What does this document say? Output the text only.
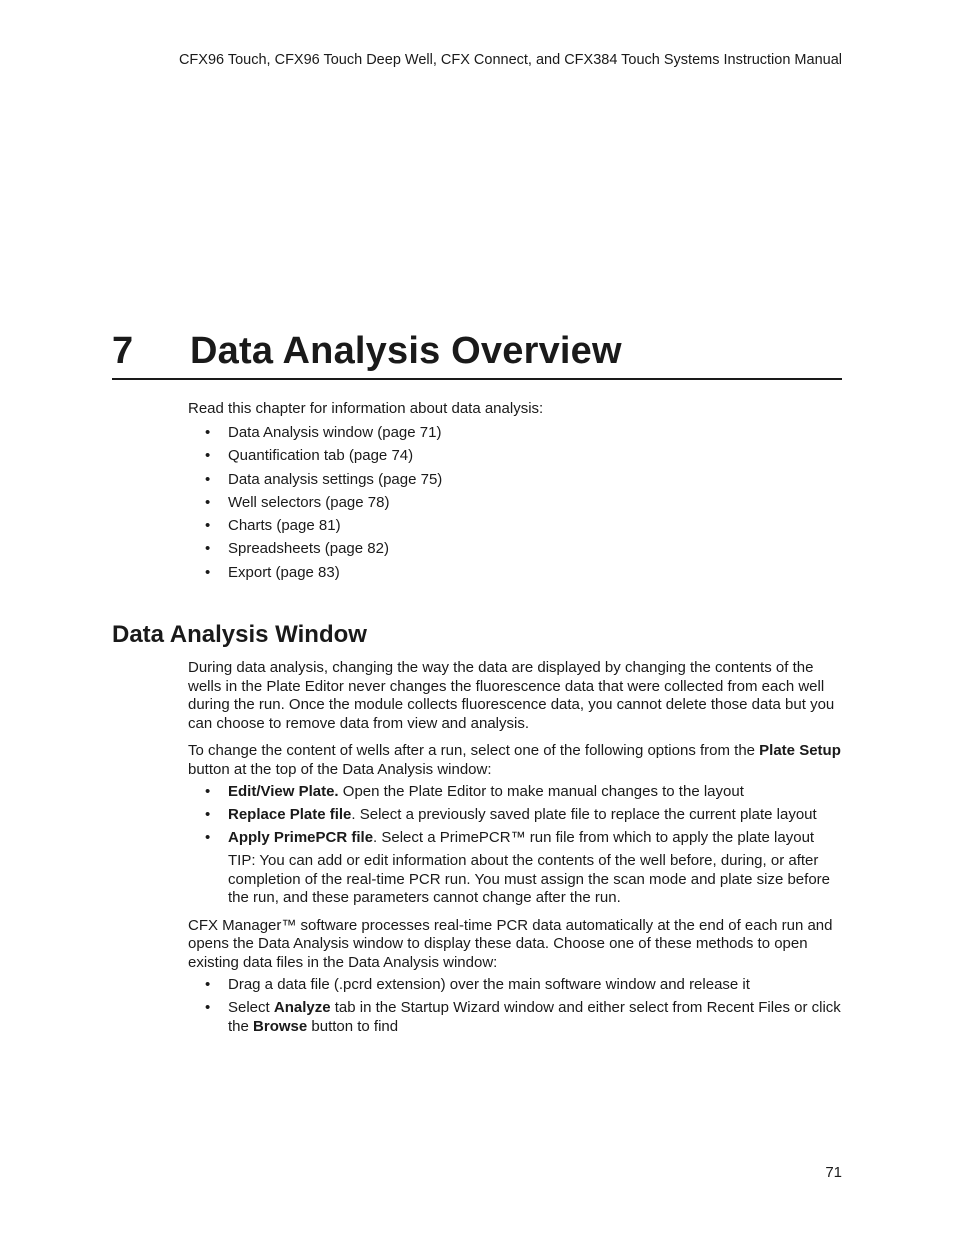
CFX96 Touch, CFX96 Touch Deep Well, CFX Connect, and CFX384 Touch Systems Instruction Manual
7 Data Analysis Overview

Read this chapter for information about data analysis:

• Data Analysis window (page 71)
• Quantification tab (page 74)
• Data analysis settings (page 75)
• Well selectors (page 78)
• Charts (page 81)
• Spreadsheets (page 82)
• Export (page 83)
Data Analysis Window

During data analysis, changing the way the data are displayed by changing the contents of the wells in the Plate Editor never changes the fluorescence data that were collected from each well during the run. Once the module collects fluorescence data, you cannot delete those data but you can choose to remove data from view and analysis.

To change the content of wells after a run, select one of the following options from the Plate Setup button at the top of the Data Analysis window:

• Edit/View Plate. Open the Plate Editor to make manual changes to the layout
• Replace Plate file. Select a previously saved plate file to replace the current plate layout
• Apply PrimePCR file. Select a PrimePCR™ run file from which to apply the plate layout

TIP: You can add or edit information about the contents of the well before, during, or after completion of the real-time PCR run. You must assign the scan mode and plate size before the run, and these parameters cannot change after the run.

CFX Manager™ software processes real-time PCR data automatically at the end of each run and opens the Data Analysis window to display these data. Choose one of these methods to open existing data files in the Data Analysis window:

• Drag a data file (.pcrd extension) over the main software window and release it
• Select Analyze tab in the Startup Wizard window and either select from Recent Files or click the Browse button to find
71
